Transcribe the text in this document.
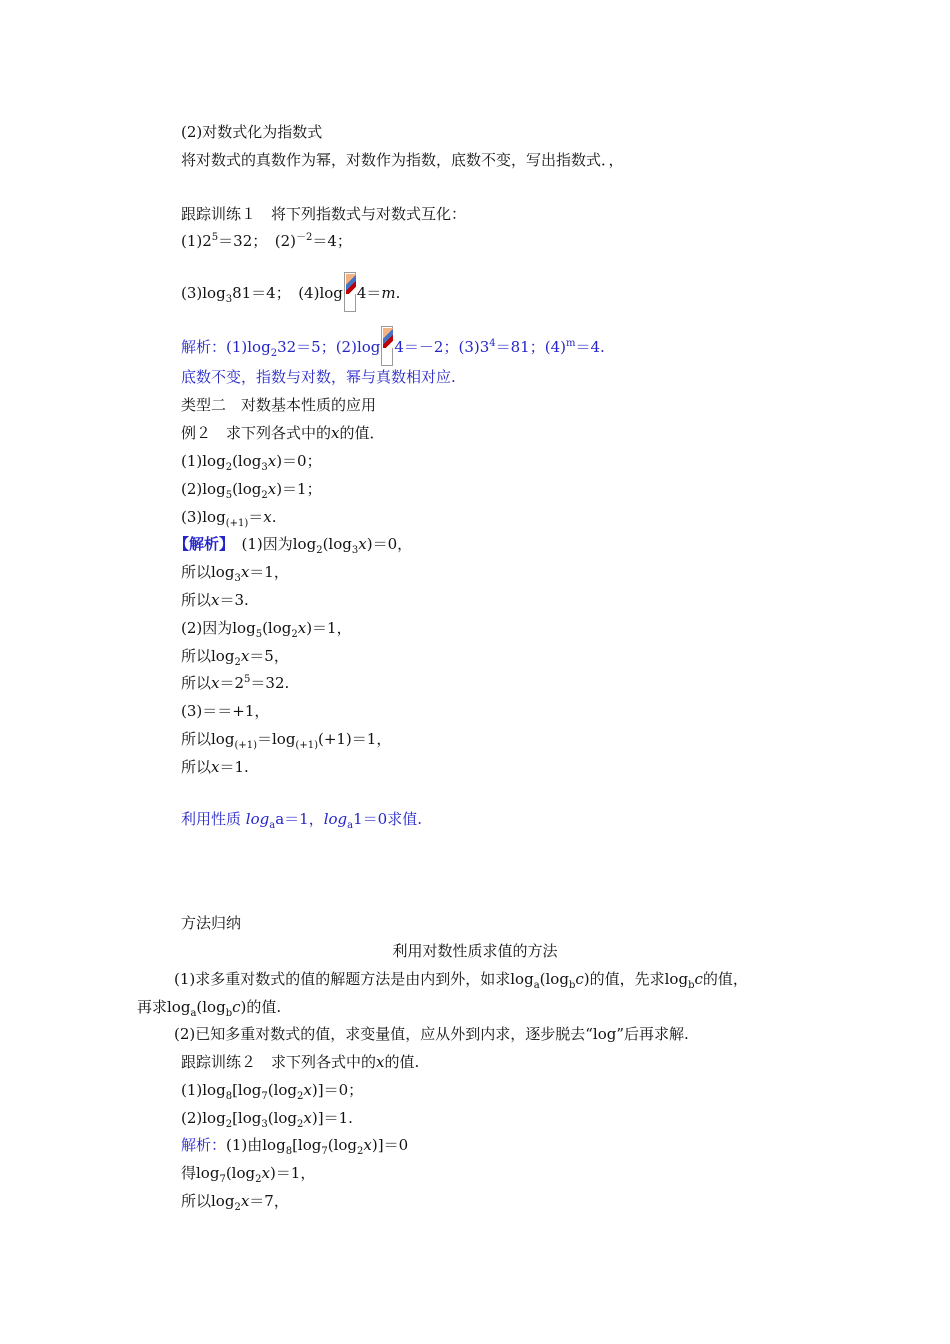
(2)对数式化为指数式
将对数式的真数作为幂，对数作为指数，底数不变，写出指数式．，
跟踪训练１　将下列指数式与对数式互化：
$(1)2^5=32$；　$(2)^{-2}=4$；
$(3)\log_381=4$；　(4)log 4＝m.
解析：$(1)\log_232=5$；(2)log 4＝－2；$(3)3^4=81$；$(4)^m=4$.
底数不变，指数与对数，幂与真数相对应.
类型二　对数基本性质的应用
例２　求下列各式中的x的值．
$(1)\log_2(\log_3x)=0$；
$(2)\log_5(\log_2x)=1$；
$(3)\log_{(+1)}=x$.
【解析】　(1)因为$\log_2(\log_3x)=0$，
所以$\log_3x=1$，
所以x＝3.
(2)因为$\log_5(\log_2x)=1$，
所以$\log_2x=5$，
所以$x=2^5=32$.
(3)＝＝+1，
所以$\log_{(+1)}=\log_{(+1)}(+1)=1$，
所以x＝1.
利用性质 $\log_aa=1$，$\log_a1=0$求值.
方法归纳
利用对数性质求值的方法
(1)求多重对数式的值的解题方法是由内到外，如求$\log_a(\log_bc)$的值，先求$\log_bc$的值，
再求$\log_a(\log_bc)$的值.
(2)已知多重对数式的值，求变量值，应从外到内求，逐步脱去“log”后再求解.
跟踪训练２　求下列各式中的x的值.
$(1)\log_8[\log_7(\log_2x)]=0$；
$(2)\log_2[\log_3(\log_2x)]=1$.
解析：(1)由$\log_8[\log_7(\log_2x)]=0$
得$\log_7(\log_2x)=1$，
所以$\log_2x=7$，
